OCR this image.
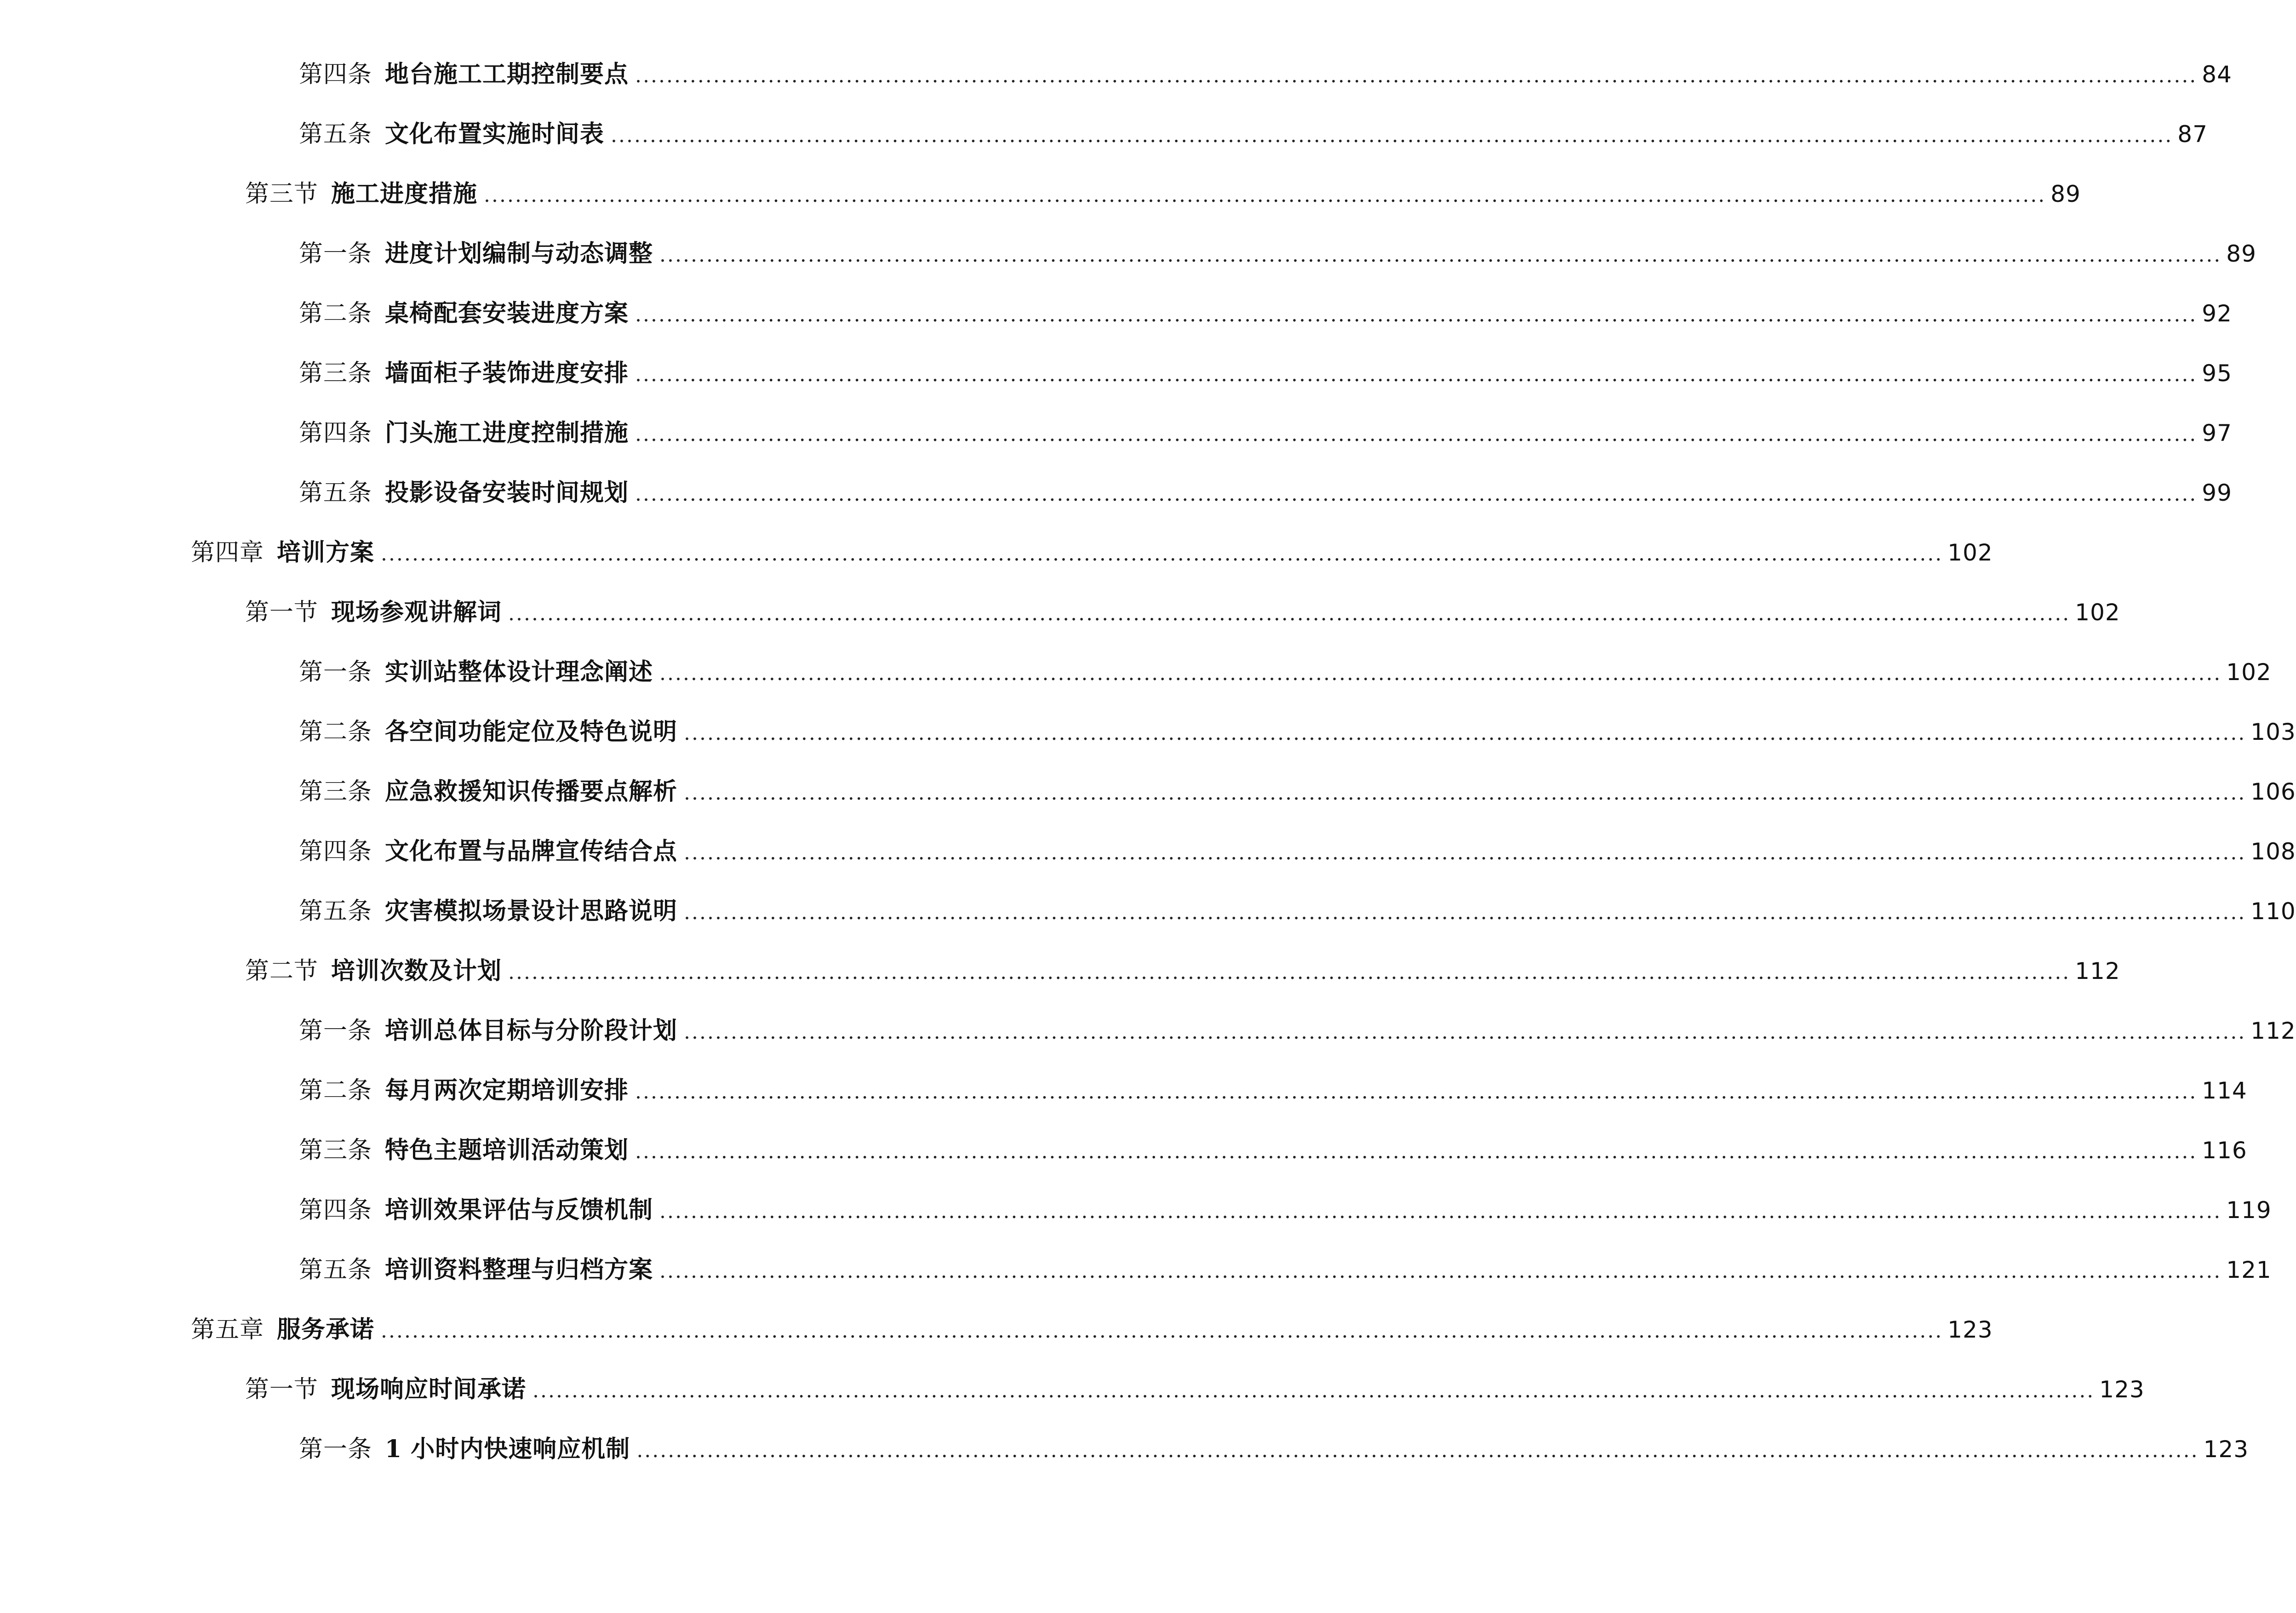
第四条 地台施工工期控制要点 ........................................................................................................................................................................................................ 84
第五条 文化布置实施时间表 ........................................................................................................................................................................................................ 87
第三节 施工进度措施 ........................................................................................................................................................................................................ 89
第一条 进度计划编制与动态调整 ........................................................................................................................................................................................................ 89
第二条 桌椅配套安装进度方案 ........................................................................................................................................................................................................ 92
第三条 墙面柜子装饰进度安排 ........................................................................................................................................................................................................ 95
第四条 门头施工进度控制措施 ........................................................................................................................................................................................................ 97
第五条 投影设备安装时间规划 ........................................................................................................................................................................................................ 99
第四章 培训方案 ........................................................................................................................................................................................................ 102
第一节 现场参观讲解词 ........................................................................................................................................................................................................ 102
第一条 实训站整体设计理念阐述 ........................................................................................................................................................................................................ 102
第二条 各空间功能定位及特色说明 ........................................................................................................................................................................................................ 103
第三条 应急救援知识传播要点解析 ........................................................................................................................................................................................................ 106
第四条 文化布置与品牌宣传结合点 ........................................................................................................................................................................................................ 108
第五条 灾害模拟场景设计思路说明 ........................................................................................................................................................................................................ 110
第二节 培训次数及计划 ........................................................................................................................................................................................................ 112
第一条 培训总体目标与分阶段计划 ........................................................................................................................................................................................................ 112
第二条 每月两次定期培训安排 ........................................................................................................................................................................................................ 114
第三条 特色主题培训活动策划 ........................................................................................................................................................................................................ 116
第四条 培训效果评估与反馈机制 ........................................................................................................................................................................................................ 119
第五条 培训资料整理与归档方案 ........................................................................................................................................................................................................ 121
第五章 服务承诺 ........................................................................................................................................................................................................ 123
第一节 现场响应时间承诺 ........................................................................................................................................................................................................ 123
第一条 1 小时内快速响应机制 ........................................................................................................................................................................................................ 123
